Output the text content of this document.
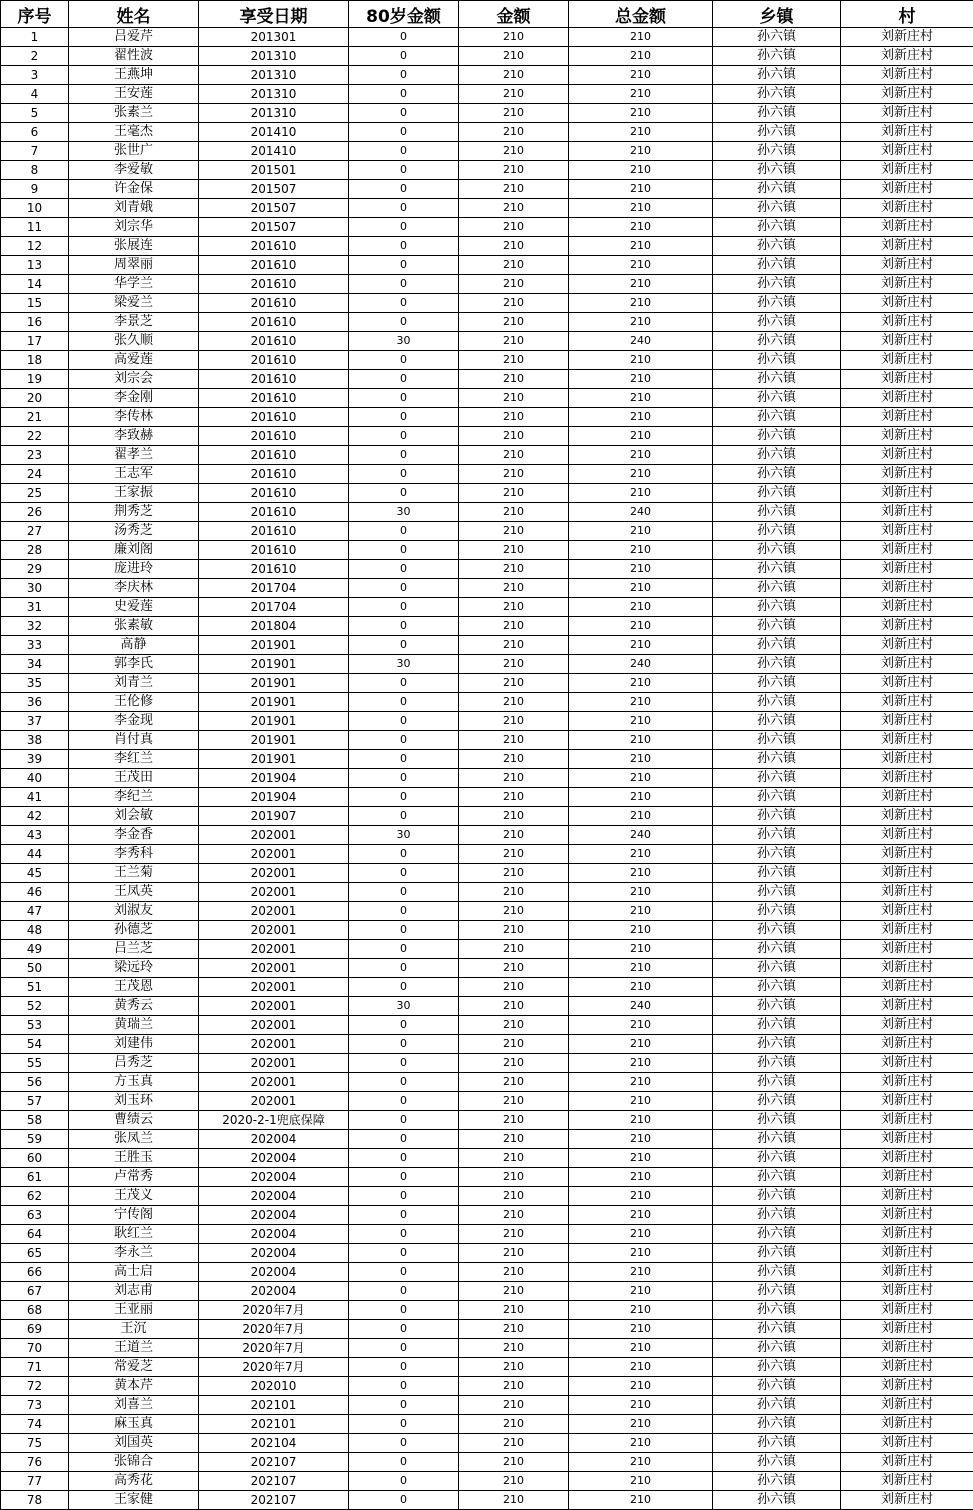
序号	姓名	享受日期	80岁金额	金额	总金额	乡镇	村
1	吕爱芹	201301	0	210	210	孙六镇	刘新庄村
2	翟性波	201310	0	210	210	孙六镇	刘新庄村
3	王燕坤	201310	0	210	210	孙六镇	刘新庄村
4	王安莲	201310	0	210	210	孙六镇	刘新庄村
5	张素兰	201310	0	210	210	孙六镇	刘新庄村
6	王毫杰	201410	0	210	210	孙六镇	刘新庄村
7	张世广	201410	0	210	210	孙六镇	刘新庄村
8	李爱敏	201501	0	210	210	孙六镇	刘新庄村
9	许金保	201507	0	210	210	孙六镇	刘新庄村
10	刘青娥	201507	0	210	210	孙六镇	刘新庄村
11	刘宗华	201507	0	210	210	孙六镇	刘新庄村
12	张展连	201610	0	210	210	孙六镇	刘新庄村
13	周翠丽	201610	0	210	210	孙六镇	刘新庄村
14	华学兰	201610	0	210	210	孙六镇	刘新庄村
15	梁爱兰	201610	0	210	210	孙六镇	刘新庄村
16	李景芝	201610	0	210	210	孙六镇	刘新庄村
17	张久顺	201610	30	210	240	孙六镇	刘新庄村
18	高爱莲	201610	0	210	210	孙六镇	刘新庄村
19	刘宗会	201610	0	210	210	孙六镇	刘新庄村
20	李金刚	201610	0	210	210	孙六镇	刘新庄村
21	李传林	201610	0	210	210	孙六镇	刘新庄村
22	李致赫	201610	0	210	210	孙六镇	刘新庄村
23	翟孝兰	201610	0	210	210	孙六镇	刘新庄村
24	王志军	201610	0	210	210	孙六镇	刘新庄村
25	王家振	201610	0	210	210	孙六镇	刘新庄村
26	荆秀芝	201610	30	210	240	孙六镇	刘新庄村
27	汤秀芝	201610	0	210	210	孙六镇	刘新庄村
28	廉刘阁	201610	0	210	210	孙六镇	刘新庄村
29	庞进玲	201610	0	210	210	孙六镇	刘新庄村
30	李庆林	201704	0	210	210	孙六镇	刘新庄村
31	史爱莲	201704	0	210	210	孙六镇	刘新庄村
32	张素敏	201804	0	210	210	孙六镇	刘新庄村
33	高静	201901	0	210	210	孙六镇	刘新庄村
34	郭李氏	201901	30	210	240	孙六镇	刘新庄村
35	刘青兰	201901	0	210	210	孙六镇	刘新庄村
36	王伦修	201901	0	210	210	孙六镇	刘新庄村
37	李金现	201901	0	210	210	孙六镇	刘新庄村
38	肖付真	201901	0	210	210	孙六镇	刘新庄村
39	李红兰	201901	0	210	210	孙六镇	刘新庄村
40	王茂田	201904	0	210	210	孙六镇	刘新庄村
41	李纪兰	201904	0	210	210	孙六镇	刘新庄村
42	刘会敏	201907	0	210	210	孙六镇	刘新庄村
43	李金香	202001	30	210	240	孙六镇	刘新庄村
44	李秀科	202001	0	210	210	孙六镇	刘新庄村
45	王兰菊	202001	0	210	210	孙六镇	刘新庄村
46	王凤英	202001	0	210	210	孙六镇	刘新庄村
47	刘淑友	202001	0	210	210	孙六镇	刘新庄村
48	孙德芝	202001	0	210	210	孙六镇	刘新庄村
49	吕兰芝	202001	0	210	210	孙六镇	刘新庄村
50	梁远玲	202001	0	210	210	孙六镇	刘新庄村
51	王茂恩	202001	0	210	210	孙六镇	刘新庄村
52	黄秀云	202001	30	210	240	孙六镇	刘新庄村
53	黄瑞兰	202001	0	210	210	孙六镇	刘新庄村
54	刘建伟	202001	0	210	210	孙六镇	刘新庄村
55	吕秀芝	202001	0	210	210	孙六镇	刘新庄村
56	方玉真	202001	0	210	210	孙六镇	刘新庄村
57	刘玉环	202001	0	210	210	孙六镇	刘新庄村
58	曹绩云	2020-2-1兜底保障	0	210	210	孙六镇	刘新庄村
59	张凤兰	202004	0	210	210	孙六镇	刘新庄村
60	王胜玉	202004	0	210	210	孙六镇	刘新庄村
61	卢常秀	202004	0	210	210	孙六镇	刘新庄村
62	王茂义	202004	0	210	210	孙六镇	刘新庄村
63	宁传阁	202004	0	210	210	孙六镇	刘新庄村
64	耿红兰	202004	0	210	210	孙六镇	刘新庄村
65	李永兰	202004	0	210	210	孙六镇	刘新庄村
66	高士启	202004	0	210	210	孙六镇	刘新庄村
67	刘志甫	202004	0	210	210	孙六镇	刘新庄村
68	王亚丽	2020年7月	0	210	210	孙六镇	刘新庄村
69	王沉	2020年7月	0	210	210	孙六镇	刘新庄村
70	王道兰	2020年7月	0	210	210	孙六镇	刘新庄村
71	常爱芝	2020年7月	0	210	210	孙六镇	刘新庄村
72	黄本芹	202010	0	210	210	孙六镇	刘新庄村
73	刘喜兰	202101	0	210	210	孙六镇	刘新庄村
74	麻玉真	202101	0	210	210	孙六镇	刘新庄村
75	刘国英	202104	0	210	210	孙六镇	刘新庄村
76	张锦合	202107	0	210	210	孙六镇	刘新庄村
77	高秀花	202107	0	210	210	孙六镇	刘新庄村
78	王家健	202107	0	210	210	孙六镇	刘新庄村
